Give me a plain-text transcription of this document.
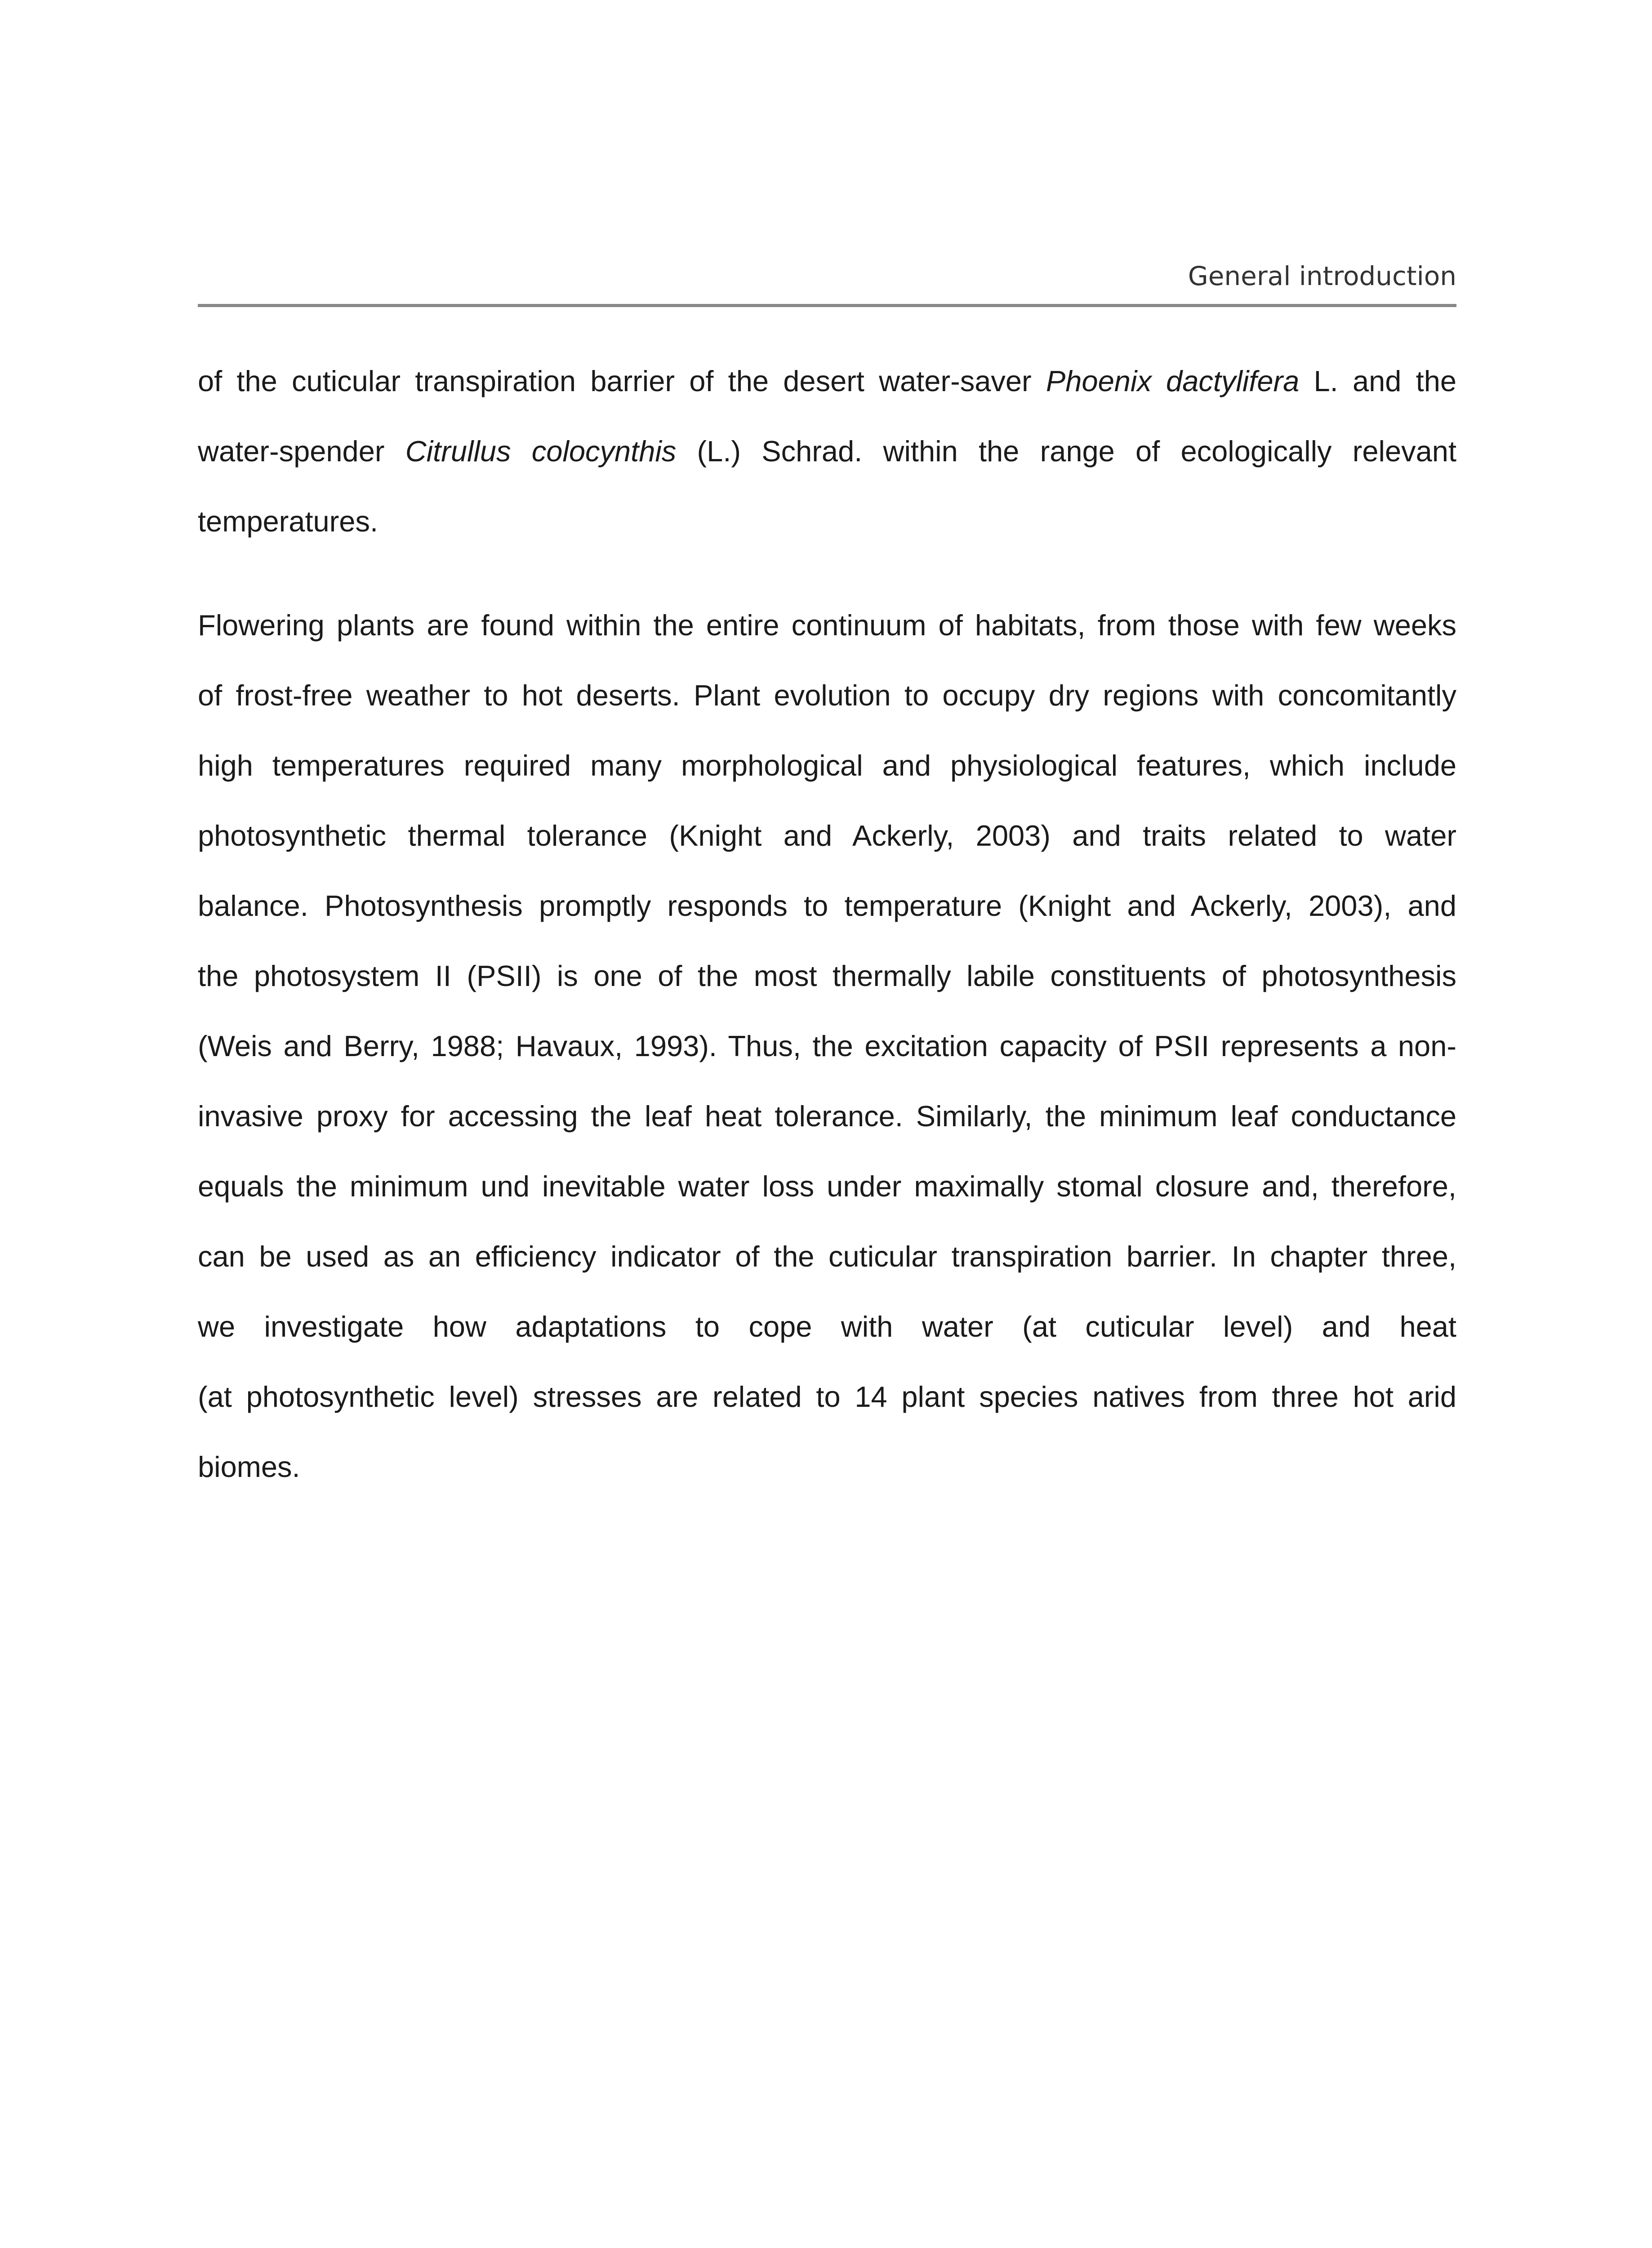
General introduction
of the cuticular transpiration barrier of the desert water-saver Phoenix dactylifera L. and the
water-spender Citrullus colocynthis (L.) Schrad. within the range of ecologically relevant
temperatures.
Flowering plants are found within the entire continuum of habitats, from those with few weeks
of frost-free weather to hot deserts. Plant evolution to occupy dry regions with concomitantly
high temperatures required many morphological and physiological features, which include
photosynthetic thermal tolerance (Knight and Ackerly, 2003) and traits related to water
balance. Photosynthesis promptly responds to temperature (Knight and Ackerly, 2003), and
the photosystem II (PSII) is one of the most thermally labile constituents of photosynthesis
(Weis and Berry, 1988; Havaux, 1993). Thus, the excitation capacity of PSII represents a non-
invasive proxy for accessing the leaf heat tolerance. Similarly, the minimum leaf conductance
equals the minimum und inevitable water loss under maximally stomal closure and, therefore,
can be used as an efficiency indicator of the cuticular transpiration barrier. In chapter three,
we investigate how adaptations to cope with water (at cuticular level) and heat
(at photosynthetic level) stresses are related to 14 plant species natives from three hot arid
biomes.
